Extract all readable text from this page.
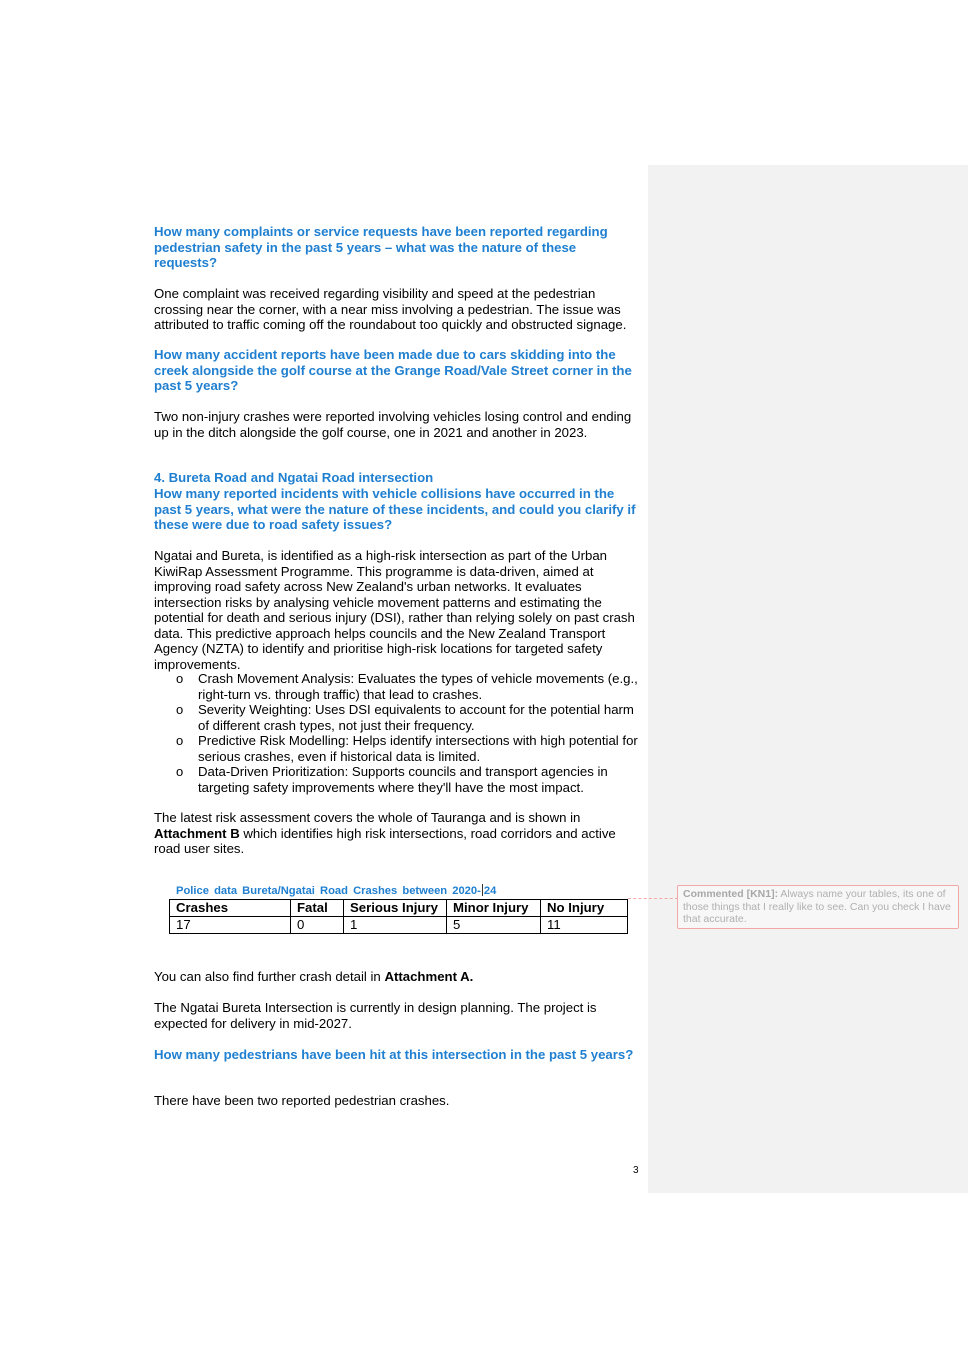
How many complaints or service requests have been reported regarding pedestrian safety in the past 5 years – what was the nature of these requests?
One complaint was received regarding visibility and speed at the pedestrian crossing near the corner, with a near miss involving a pedestrian. The issue was attributed to traffic coming off the roundabout too quickly and obstructed signage.
How many accident reports have been made due to cars skidding into the creek alongside the golf course at the Grange Road/Vale Street corner in the past 5 years?
Two non-injury crashes were reported involving vehicles losing control and ending up in the ditch alongside the golf course, one in 2021 and another in 2023.
4. Bureta Road and Ngatai Road intersection
How many reported incidents with vehicle collisions have occurred in the past 5 years, what were the nature of these incidents, and could you clarify if these were due to road safety issues?
Ngatai and Bureta, is identified as a high-risk intersection as part of the Urban KiwiRap Assessment Programme. This programme is data-driven, aimed at improving road safety across New Zealand's urban networks. It evaluates intersection risks by analysing vehicle movement patterns and estimating the potential for death and serious injury (DSI), rather than relying solely on past crash data. This predictive approach helps councils and the New Zealand Transport Agency (NZTA) to identify and prioritise high-risk locations for targeted safety improvements.
o Crash Movement Analysis: Evaluates the types of vehicle movements (e.g., right-turn vs. through traffic) that lead to crashes.
o Severity Weighting: Uses DSI equivalents to account for the potential harm of different crash types, not just their frequency.
o Predictive Risk Modelling: Helps identify intersections with high potential for serious crashes, even if historical data is limited.
o Data-Driven Prioritization: Supports councils and transport agencies in targeting safety improvements where they'll have the most impact.
The latest risk assessment covers the whole of Tauranga and is shown in Attachment B which identifies high risk intersections, road corridors and active road user sites.
Police data Bureta/Ngatai Road Crashes between 2020- 24
Crashes	Fatal	Serious Injury	Minor Injury	No Injury
17	0	1	5	11
Commented [KN1]: Always name your tables, its one of those things that I really like to see. Can you check I have that accurate.
You can also find further crash detail in Attachment A.
The Ngatai Bureta Intersection is currently in design planning. The project is expected for delivery in mid-2027.
How many pedestrians have been hit at this intersection in the past 5 years?
There have been two reported pedestrian crashes.
3
